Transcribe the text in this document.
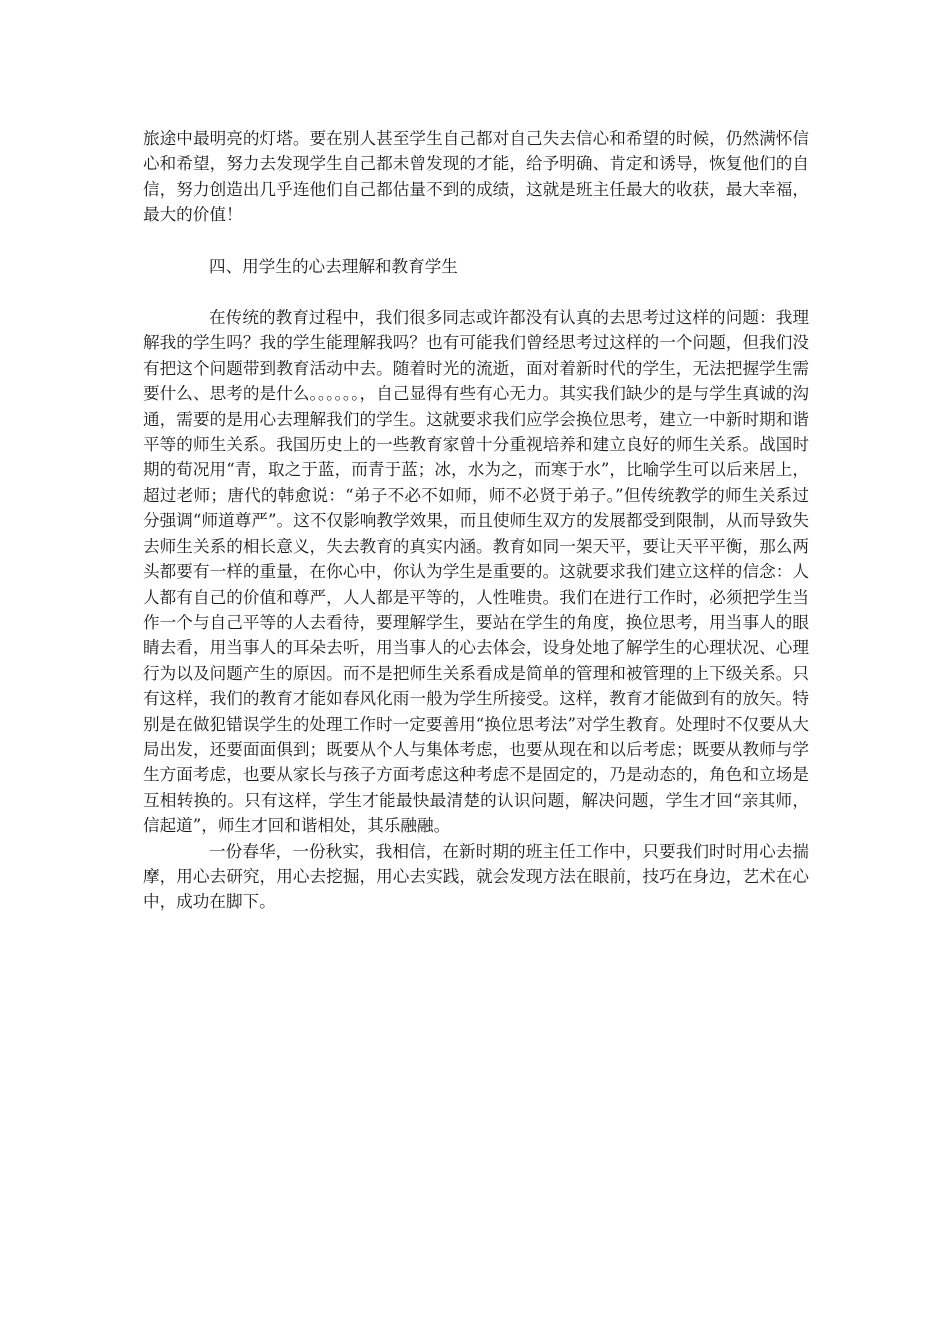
旅途中最明亮的灯塔。要在别人甚至学生自己都对自己失去信心和希望的时候，仍然满怀信心和希望，努力去发现学生自己都未曾发现的才能，给予明确、肯定和诱导，恢复他们的自信，努力创造出几乎连他们自己都估量不到的成绩，这就是班主任最大的收获，最大幸福，最大的价值！

四、用学生的心去理解和教育学生

在传统的教育过程中，我们很多同志或许都没有认真的去思考过这样的问题：我理解我的学生吗？我的学生能理解我吗？也有可能我们曾经思考过这样的一个问题，但我们没有把这个问题带到教育活动中去。随着时光的流逝，面对着新时代的学生，无法把握学生需要什么、思考的是什么。。。。。。，自己显得有些有心无力。其实我们缺少的是与学生真诚的沟通，需要的是用心去理解我们的学生。这就要求我们应学会换位思考，建立一中新时期和谐平等的师生关系。我国历史上的一些教育家曾十分重视培养和建立良好的师生关系。战国时期的荀况用“青，取之于蓝，而青于蓝；冰，水为之，而寒于水”，比喻学生可以后来居上，超过老师；唐代的韩愈说：“弟子不必不如师，师不必贤于弟子。”但传统教学的师生关系过分强调“师道尊严”。这不仅影响教学效果，而且使师生双方的发展都受到限制，从而导致失去师生关系的相长意义，失去教育的真实内涵。教育如同一架天平，要让天平平衡，那么两头都要有一样的重量，在你心中，你认为学生是重要的。这就要求我们建立这样的信念：人人都有自己的价值和尊严，人人都是平等的，人性唯贵。我们在进行工作时，必须把学生当作一个与自己平等的人去看待，要理解学生，要站在学生的角度，换位思考，用当事人的眼睛去看，用当事人的耳朵去听，用当事人的心去体会，设身处地了解学生的心理状况、心理行为以及问题产生的原因。而不是把师生关系看成是简单的管理和被管理的上下级关系。只有这样，我们的教育才能如春风化雨一般为学生所接受。这样，教育才能做到有的放矢。特别是在做犯错误学生的处理工作时一定要善用“换位思考法”对学生教育。处理时不仅要从大局出发，还要面面俱到；既要从个人与集体考虑，也要从现在和以后考虑；既要从教师与学生方面考虑，也要从家长与孩子方面考虑这种考虑不是固定的，乃是动态的，角色和立场是互相转换的。只有这样，学生才能最快最清楚的认识问题，解决问题，学生才回“亲其师，信起道”，师生才回和谐相处，其乐融融。

一份春华，一份秋实，我相信，在新时期的班主任工作中，只要我们时时用心去揣摩，用心去研究，用心去挖掘，用心去实践，就会发现方法在眼前，技巧在身边，艺术在心中，成功在脚下。
